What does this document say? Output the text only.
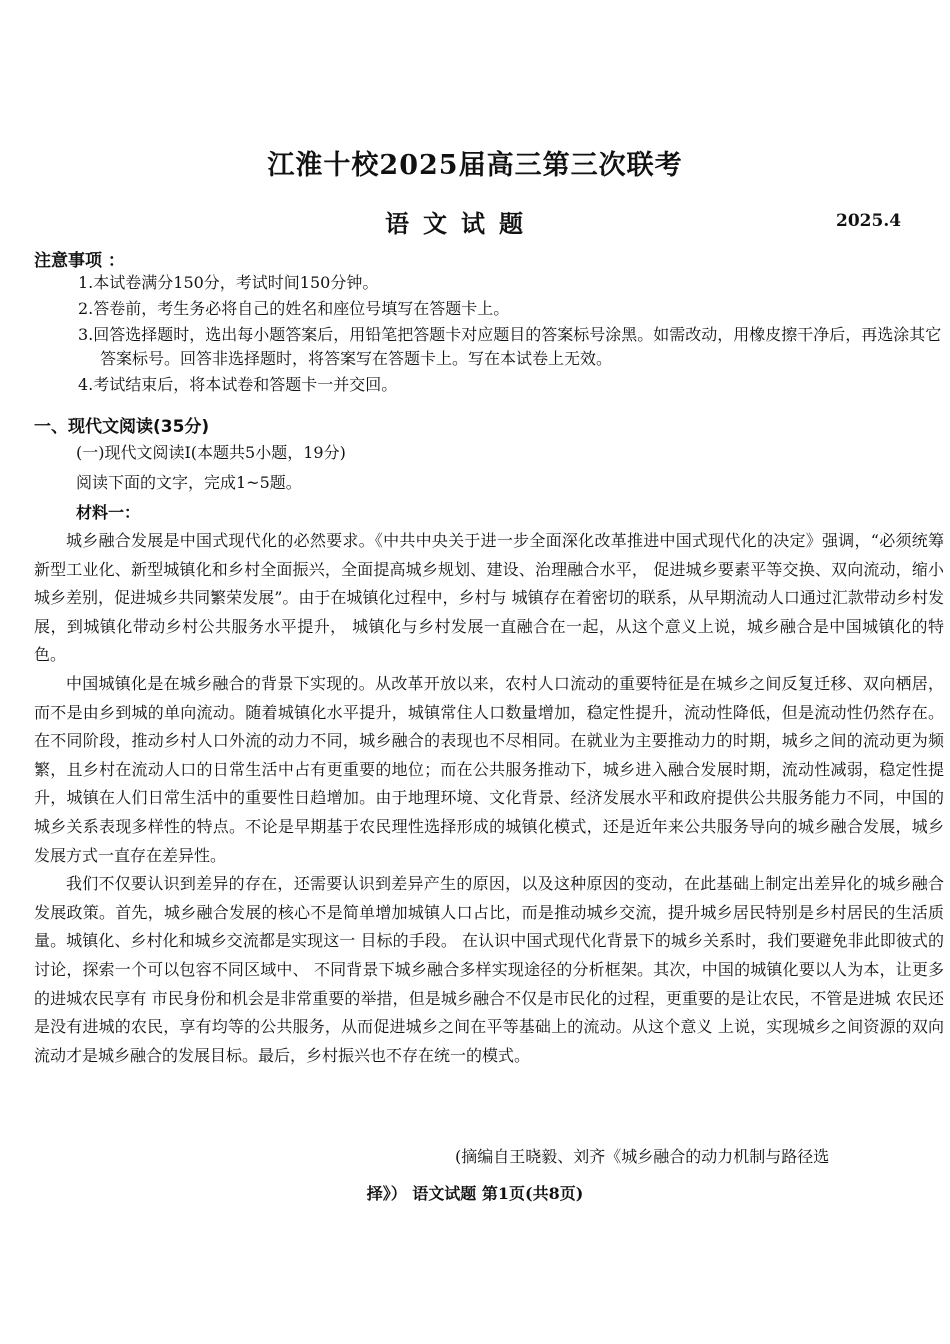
江淮十校2025届高三第三次联考
语文试题	2025.4
注意事项 ：

1.本试卷满分150分，考试时间150分钟。

2.答卷前，考生务必将自己的姓名和座位号填写在答题卡上。

3.回答选择题时，选出每小题答案后，用铅笔把答题卡对应题目的答案标号涂黑。如需改动，用橡皮擦干净后，再选涂其它答案标号。回答非选择题时，将答案写在答题卡上。写在本试卷上无效。

4.考试结束后，将本试卷和答题卡一并交回。

一、现代文阅读(35分)
(一)现代文阅读Ⅰ(本题共5小题，19分)
阅读下面的文字，完成1~5题。
材料一：

城乡融合发展是中国式现代化的必然要求。《中共中央关于进一步全面深化改革推进中国式现代化的决定》强调，“必须统筹新型工业化、新型城镇化和乡村全面振兴，全面提高城乡规划、建设、治理融合水平， 促进城乡要素平等交换、双向流动，缩小城乡差别，促进城乡共同繁荣发展”。由于在城镇化过程中，乡村与 城镇存在着密切的联系，从早期流动人口通过汇款带动乡村发展，到城镇化带动乡村公共服务水平提升， 城镇化与乡村发展一直融合在一起，从这个意义上说，城乡融合是中国城镇化的特色。

中国城镇化是在城乡融合的背景下实现的。从改革开放以来，农村人口流动的重要特征是在城乡之间反复迁移、双向栖居，而不是由乡到城的单向流动。随着城镇化水平提升，城镇常住人口数量增加，稳定性提升，流动性降低，但是流动性仍然存在。在不同阶段，推动乡村人口外流的动力不同，城乡融合的表现也不尽相同。在就业为主要推动力的时期，城乡之间的流动更为频繁，且乡村在流动人口的日常生活中占有更重要的地位；而在公共服务推动下，城乡进入融合发展时期，流动性减弱，稳定性提升，城镇在人们日常生活中的重要性日趋增加。由于地理环境、文化背景、经济发展水平和政府提供公共服务能力不同，中国的城乡关系表现多样性的特点。不论是早期基于农民理性选择形成的城镇化模式，还是近年来公共服务导向的城乡融合发展，城乡发展方式一直存在差异性。

我们不仅要认识到差异的存在，还需要认识到差异产生的原因，以及这种原因的变动，在此基础上制定出差异化的城乡融合发展政策。首先，城乡融合发展的核心不是简单增加城镇人口占比，而是推动城乡交流，提升城乡居民特别是乡村居民的生活质量。城镇化、乡村化和城乡交流都是实现这一 目标的手段。 在认识中国式现代化背景下的城乡关系时，我们要避免非此即彼式的讨论，探索一个可以包容不同区域中、 不同背景下城乡融合多样实现途径的分析框架。其次，中国的城镇化要以人为本，让更多的进城农民享有 市民身份和机会是非常重要的举措，但是城乡融合不仅是市民化的过程，更重要的是让农民，不管是进城 农民还是没有进城的农民，享有均等的公共服务，从而促进城乡之间在平等基础上的流动。从这个意义 上说，实现城乡之间资源的双向流动才是城乡融合的发展目标。最后，乡村振兴也不存在统一的模式。

(摘编自王晓毅、刘齐《城乡融合的动力机制与路径选
择》） 语文试题 第1页(共8页)
